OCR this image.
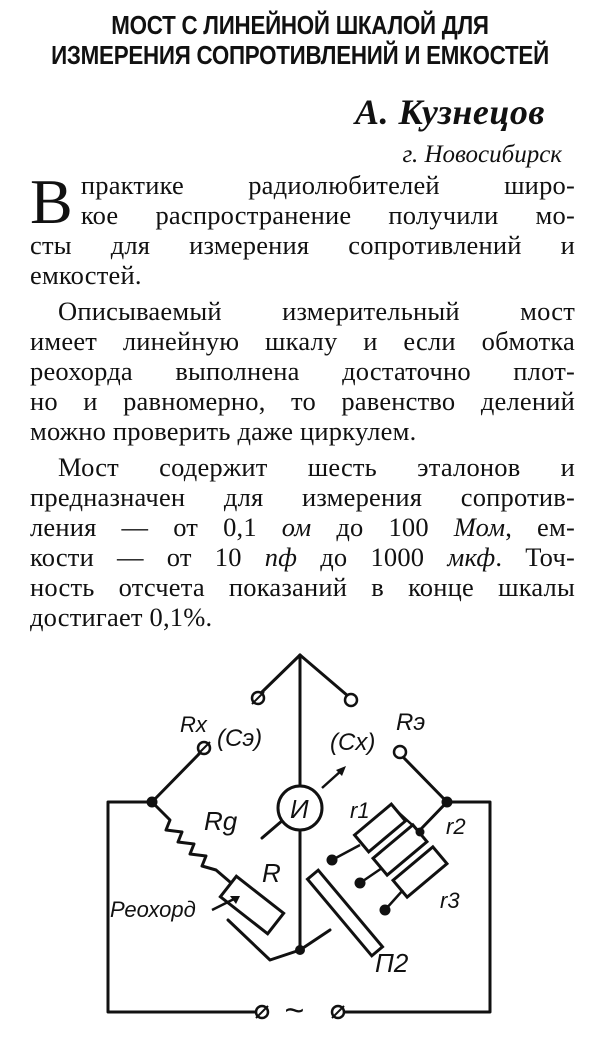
МОСТ С ЛИНЕЙНОЙ ШКАЛОЙ ДЛЯ
ИЗМЕРЕНИЯ СОПРОТИВЛЕНИЙ И ЕМКОСТЕЙ
А. Кузнецов
г. Новосибирск
В практике радиолюбителей широ-
кое распространение получили мо-
сты для измерения сопротивлений и
емкостей.
Описываемый измерительный мост
имеет линейную шкалу и если обмотка
реохорда выполнена достаточно плот-
но и равномерно, то равенство делений
можно проверить даже циркулем.
Мост содержит шесть эталонов и
предназначен для измерения сопротив-
ления — от 0,1 ом до 100 Мом, ем-
кости — от 10 пф до 1000 мкф. Точ-
ность отсчета показаний в конце шкалы
достигает 0,1%.
Rx
(Cэ)	(Cx)
Rэ
И
Rg
R
Реохорд
r1
r2
r3
П2
~
